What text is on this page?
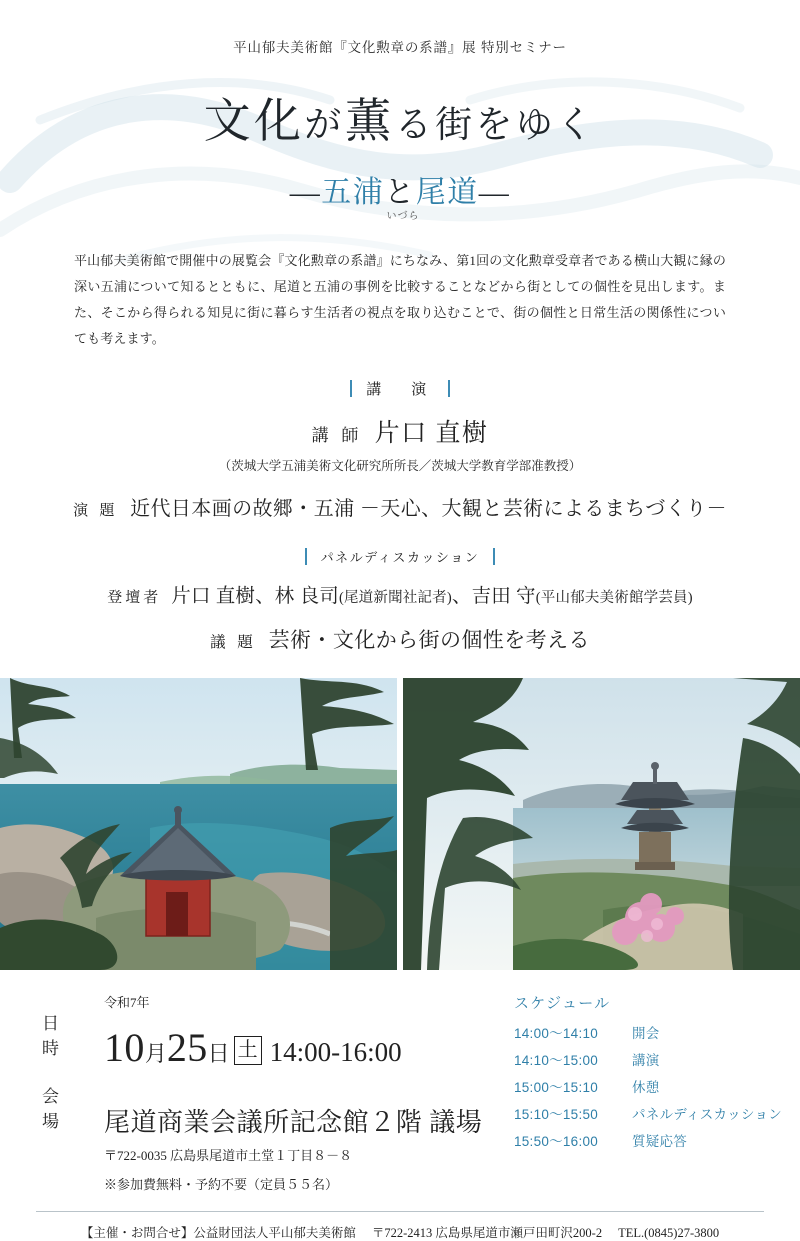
平山郁夫美術館『文化勲章の系譜』展 特別セミナー
文化が薫る街をゆく
―五浦と尾道―
いづら

平山郁夫美術館で開催中の展覧会『文化勲章の系譜』にちなみ、第1回の文化勲章受章者である横山大観に縁の深い五浦について知るとともに、尾道と五浦の事例を比較することなどから街としての個性を見出します。また、そこから得られる知見に街に暮らす生活者の視点を取り込むことで、街の個性と日常生活の関係性についても考えます。

講　演
講 師 片口 直樹
（茨城大学五浦美術文化研究所所長／茨城大学教育学部准教授）
演 題 近代日本画の故郷・五浦 －天心、大観と芸術によるまちづくり－
パネルディスカッション
登壇者 片口 直樹、林 良司(尾道新聞社記者)、吉田 守(平山郁夫美術館学芸員)
議 題 芸術・文化から街の個性を考える
令和7年
日 時 10 月 25 日 土 14:00-16:00
会 場	尾道商業会議所記念館２階 議場
〒722-0035 広島県尾道市土堂１丁目８－８
※参加費無料・予約不要（定員５５名）
スケジュール
14:00～14:10	開会
14:10～15:00	講演
15:00～15:10	休憩
15:10～15:50	パネルディスカッション
15:50～16:00	質疑応答
【主催・お問合せ】公益財団法人平山郁夫美術館 〒722-2413 広島県尾道市瀬戸田町沢200-2 TEL.(0845)27-3800
